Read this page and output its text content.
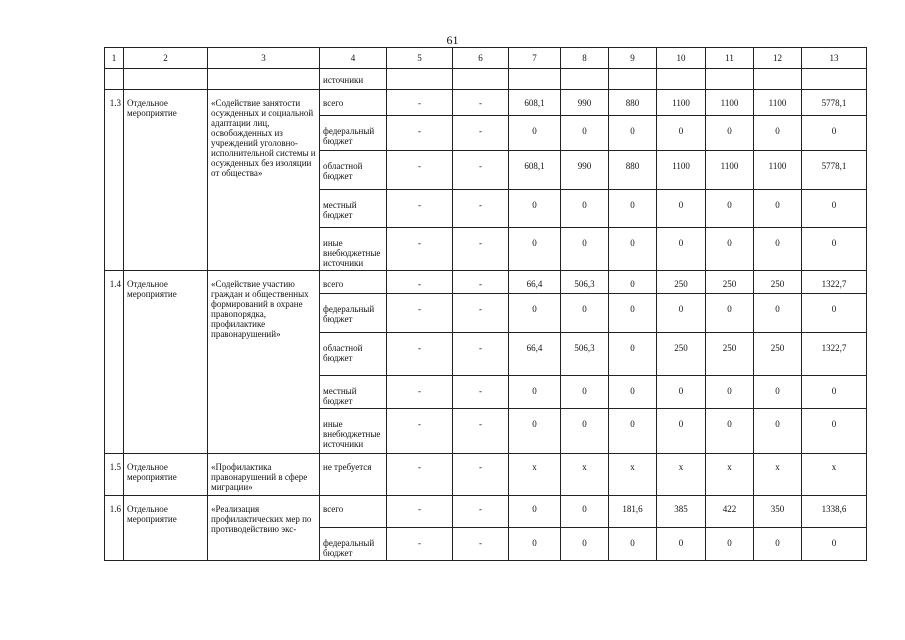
61
1	2	3	4	5	6	7	8	9	10	11	12	13
			источники									
1.3	Отдельное мероприятие	«Содействие занятости осужденных и социальной адаптации лиц, освобожденных из учреждений уголовно-исполнительной системы и осужденных без изоляции от общества»	всего	-	-	608,1	990	880	1100	1100	1100	5778,1
			федеральный бюджет	-	-	0	0	0	0	0	0	0
			областной бюджет	-	-	608,1	990	880	1100	1100	1100	5778,1
			местный бюджет	-	-	0	0	0	0	0	0	0
			иные внебюджетные источники	-	-	0	0	0	0	0	0	0
1.4	Отдельное мероприятие	«Содействие участию граждан и общественных формирований в охране правопорядка, профилактике правонарушений»	всего	-	-	66,4	506,3	0	250	250	250	1322,7
			федеральный бюджет	-	-	0	0	0	0	0	0	0
			областной бюджет	-	-	66,4	506,3	0	250	250	250	1322,7
			местный бюджет	-	-	0	0	0	0	0	0	0
			иные внебюджетные источники	-	-	0	0	0	0	0	0	0
1.5	Отдельное мероприятие	«Профилактика правонарушений в сфере миграции»	не требуется	-	-	х	х	х	х	х	х	х
1.6	Отдельное мероприятие	«Реализация профилактических мер по противодействию экс-	всего	-	-	0	0	181,6	385	422	350	1338,6
			федеральный бюджет	-	-	0	0	0	0	0	0	0
